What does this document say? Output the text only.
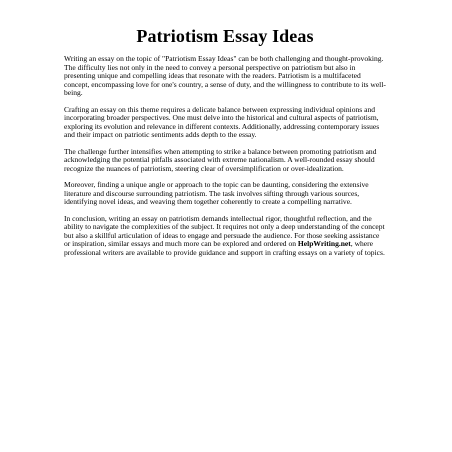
Patriotism Essay Ideas

Writing an essay on the topic of "Patriotism Essay Ideas" can be both challenging and thought-provoking. The difficulty lies not only in the need to convey a personal perspective on patriotism but also in presenting unique and compelling ideas that resonate with the readers. Patriotism is a multifaceted concept, encompassing love for one's country, a sense of duty, and the willingness to contribute to its well-being.

Crafting an essay on this theme requires a delicate balance between expressing individual opinions and incorporating broader perspectives. One must delve into the historical and cultural aspects of patriotism, exploring its evolution and relevance in different contexts. Additionally, addressing contemporary issues and their impact on patriotic sentiments adds depth to the essay.

The challenge further intensifies when attempting to strike a balance between promoting patriotism and acknowledging the potential pitfalls associated with extreme nationalism. A well-rounded essay should recognize the nuances of patriotism, steering clear of oversimplification or over-idealization.

Moreover, finding a unique angle or approach to the topic can be daunting, considering the extensive literature and discourse surrounding patriotism. The task involves sifting through various sources, identifying novel ideas, and weaving them together coherently to create a compelling narrative.

In conclusion, writing an essay on patriotism demands intellectual rigor, thoughtful reflection, and the ability to navigate the complexities of the subject. It requires not only a deep understanding of the concept but also a skillful articulation of ideas to engage and persuade the audience. For those seeking assistance or inspiration, similar essays and much more can be explored and ordered on HelpWriting.net, where professional writers are available to provide guidance and support in crafting essays on a variety of topics.
